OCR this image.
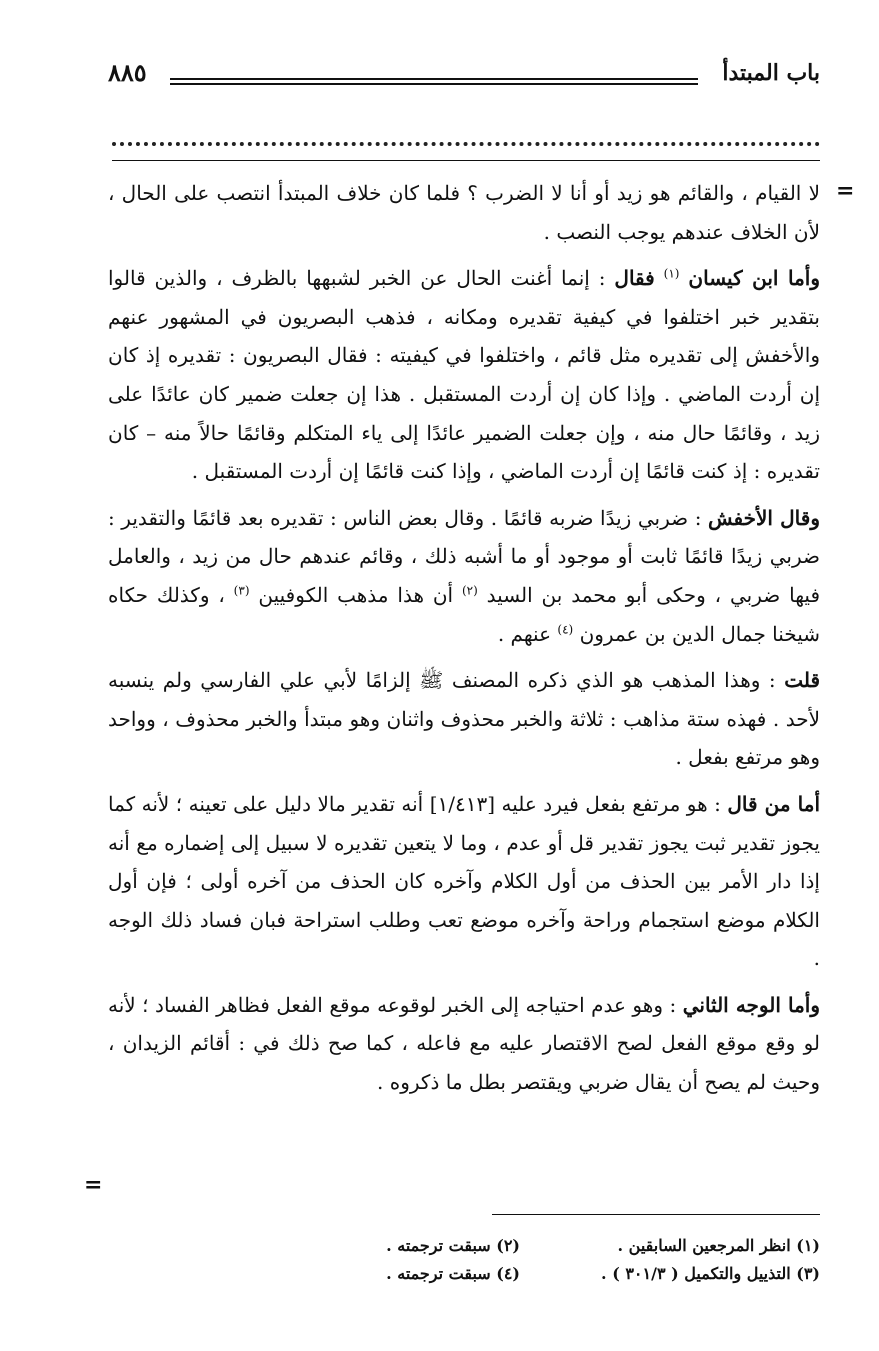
باب المبتدأ
٨٨٥
=

لا القيام ، والقائم هو زيد أو أنا لا الضرب ؟ فلما كان خلاف المبتدأ انتصب على الحال ، لأن الخلاف عندهم يوجب النصب .

وأما ابن كيسان $^{(١)}$ فقال : إنما أغنت الحال عن الخبر لشبهها بالظرف ، والذين قالوا بتقدير خبر اختلفوا في كيفية تقديره ومكانه ، فذهب البصريون في المشهور عنهم والأخفش إلى تقديره مثل قائم ، واختلفوا في كيفيته : فقال البصريون : تقديره إذ كان إن أردت الماضي . وإذا كان إن أردت المستقبل . هذا إن جعلت ضمير كان عائدًا على زيد ، وقائمًا حال منه ، وإن جعلت الضمير عائدًا إلى ياء المتكلم وقائمًا حالاً منه – كان تقديره : إذ كنت قائمًا إن أردت الماضي ، وإذا كنت قائمًا إن أردت المستقبل .

وقال الأخفش : ضربي زيدًا ضربه قائمًا . وقال بعض الناس : تقديره بعد قائمًا والتقدير : ضربي زيدًا قائمًا ثابت أو موجود أو ما أشبه ذلك ، وقائم عندهم حال من زيد ، والعامل فيها ضربي ، وحكى أبو محمد بن السيد $^{(٢)}$ أن هذا مذهب الكوفيين $^{(٣)}$ ، وكذلك حكاه شيخنا جمال الدين بن عمرون $^{(٤)}$ عنهم .

قلت : وهذا المذهب هو الذي ذكره المصنف ﷺ إلزامًا لأبي علي الفارسي ولم ينسبه لأحد . فهذه ستة مذاهب : ثلاثة والخبر محذوف واثنان وهو مبتدأ والخبر محذوف ، وواحد وهو مرتفع بفعل .

أما من قال : هو مرتفع بفعل فيرد عليه [١/٤١٣] أنه تقدير مالا دليل على تعينه ؛ لأنه كما يجوز تقدير ثبت يجوز تقدير قل أو عدم ، وما لا يتعين تقديره لا سبيل إلى إضماره مع أنه إذا دار الأمر بين الحذف من أول الكلام وآخره كان الحذف من آخره أولى ؛ فإن أول الكلام موضع استجمام وراحة وآخره موضع تعب وطلب استراحة فبان فساد ذلك الوجه .

وأما الوجه الثاني : وهو عدم احتياجه إلى الخبر لوقوعه موقع الفعل فظاهر الفساد ؛ لأنه لو وقع موقع الفعل لصح الاقتصار عليه مع فاعله ، كما صح ذلك في : أقائم الزيدان ، وحيث لم يصح أن يقال ضربي ويقتصر بطل ما ذكروه .

=
(١) انظر المرجعين السابقين .
(٢) سبقت ترجمته .
(٣) التذييل والتكميل ( ٣٠١/٣ ) .
(٤) سبقت ترجمته .
